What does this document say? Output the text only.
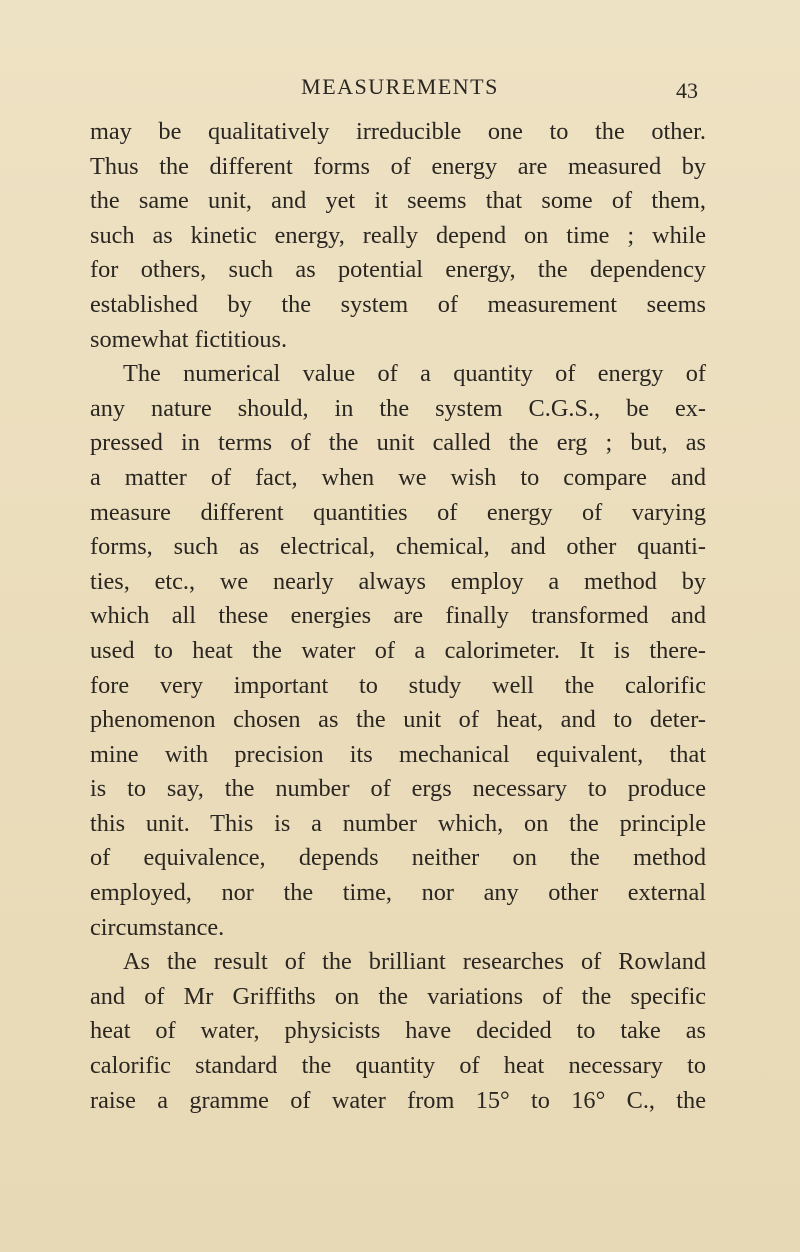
MEASUREMENTS	43
may be qualitatively irreducible one to the other.
Thus the different forms of energy are measured by
the same unit, and yet it seems that some of them,
such as kinetic energy, really depend on time ; while
for others, such as potential energy, the dependency
established by the system of measurement seems
somewhat fictitious.
The numerical value of a quantity of energy of
any nature should, in the system C.G.S., be ex-
pressed in terms of the unit called the erg ; but, as
a matter of fact, when we wish to compare and
measure different quantities of energy of varying
forms, such as electrical, chemical, and other quanti-
ties, etc., we nearly always employ a method by
which all these energies are finally transformed and
used to heat the water of a calorimeter. It is there-
fore very important to study well the calorific
phenomenon chosen as the unit of heat, and to deter-
mine with precision its mechanical equivalent, that
is to say, the number of ergs necessary to produce
this unit. This is a number which, on the principle
of equivalence, depends neither on the method
employed, nor the time, nor any other external
circumstance.
As the result of the brilliant researches of Rowland
and of Mr Griffiths on the variations of the specific
heat of water, physicists have decided to take as
calorific standard the quantity of heat necessary to
raise a gramme of water from 15° to 16° C., the
